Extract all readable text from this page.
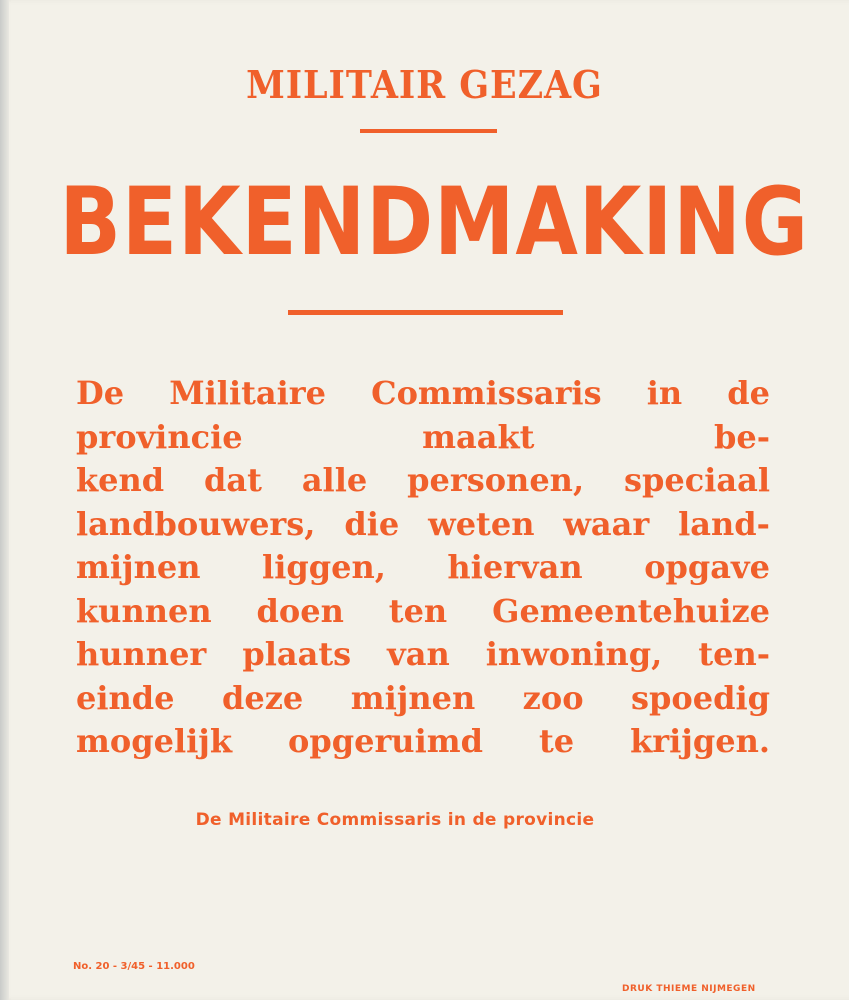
MILITAIR GEZAG
BEKENDMAKING
De Militaire Commissaris in de
provincie	maakt	be-
kend dat alle personen, speciaal
landbouwers, die weten waar land-
mijnen liggen, hiervan opgave
kunnen doen ten Gemeentehuize
hunner plaats van inwoning, ten-
einde deze mijnen zoo spoedig
mogelijk opgeruimd te krijgen.
De Militaire Commissaris in de provincie
No. 20 - 3/45 - 11.000
DRUK THIEME NIJMEGEN
